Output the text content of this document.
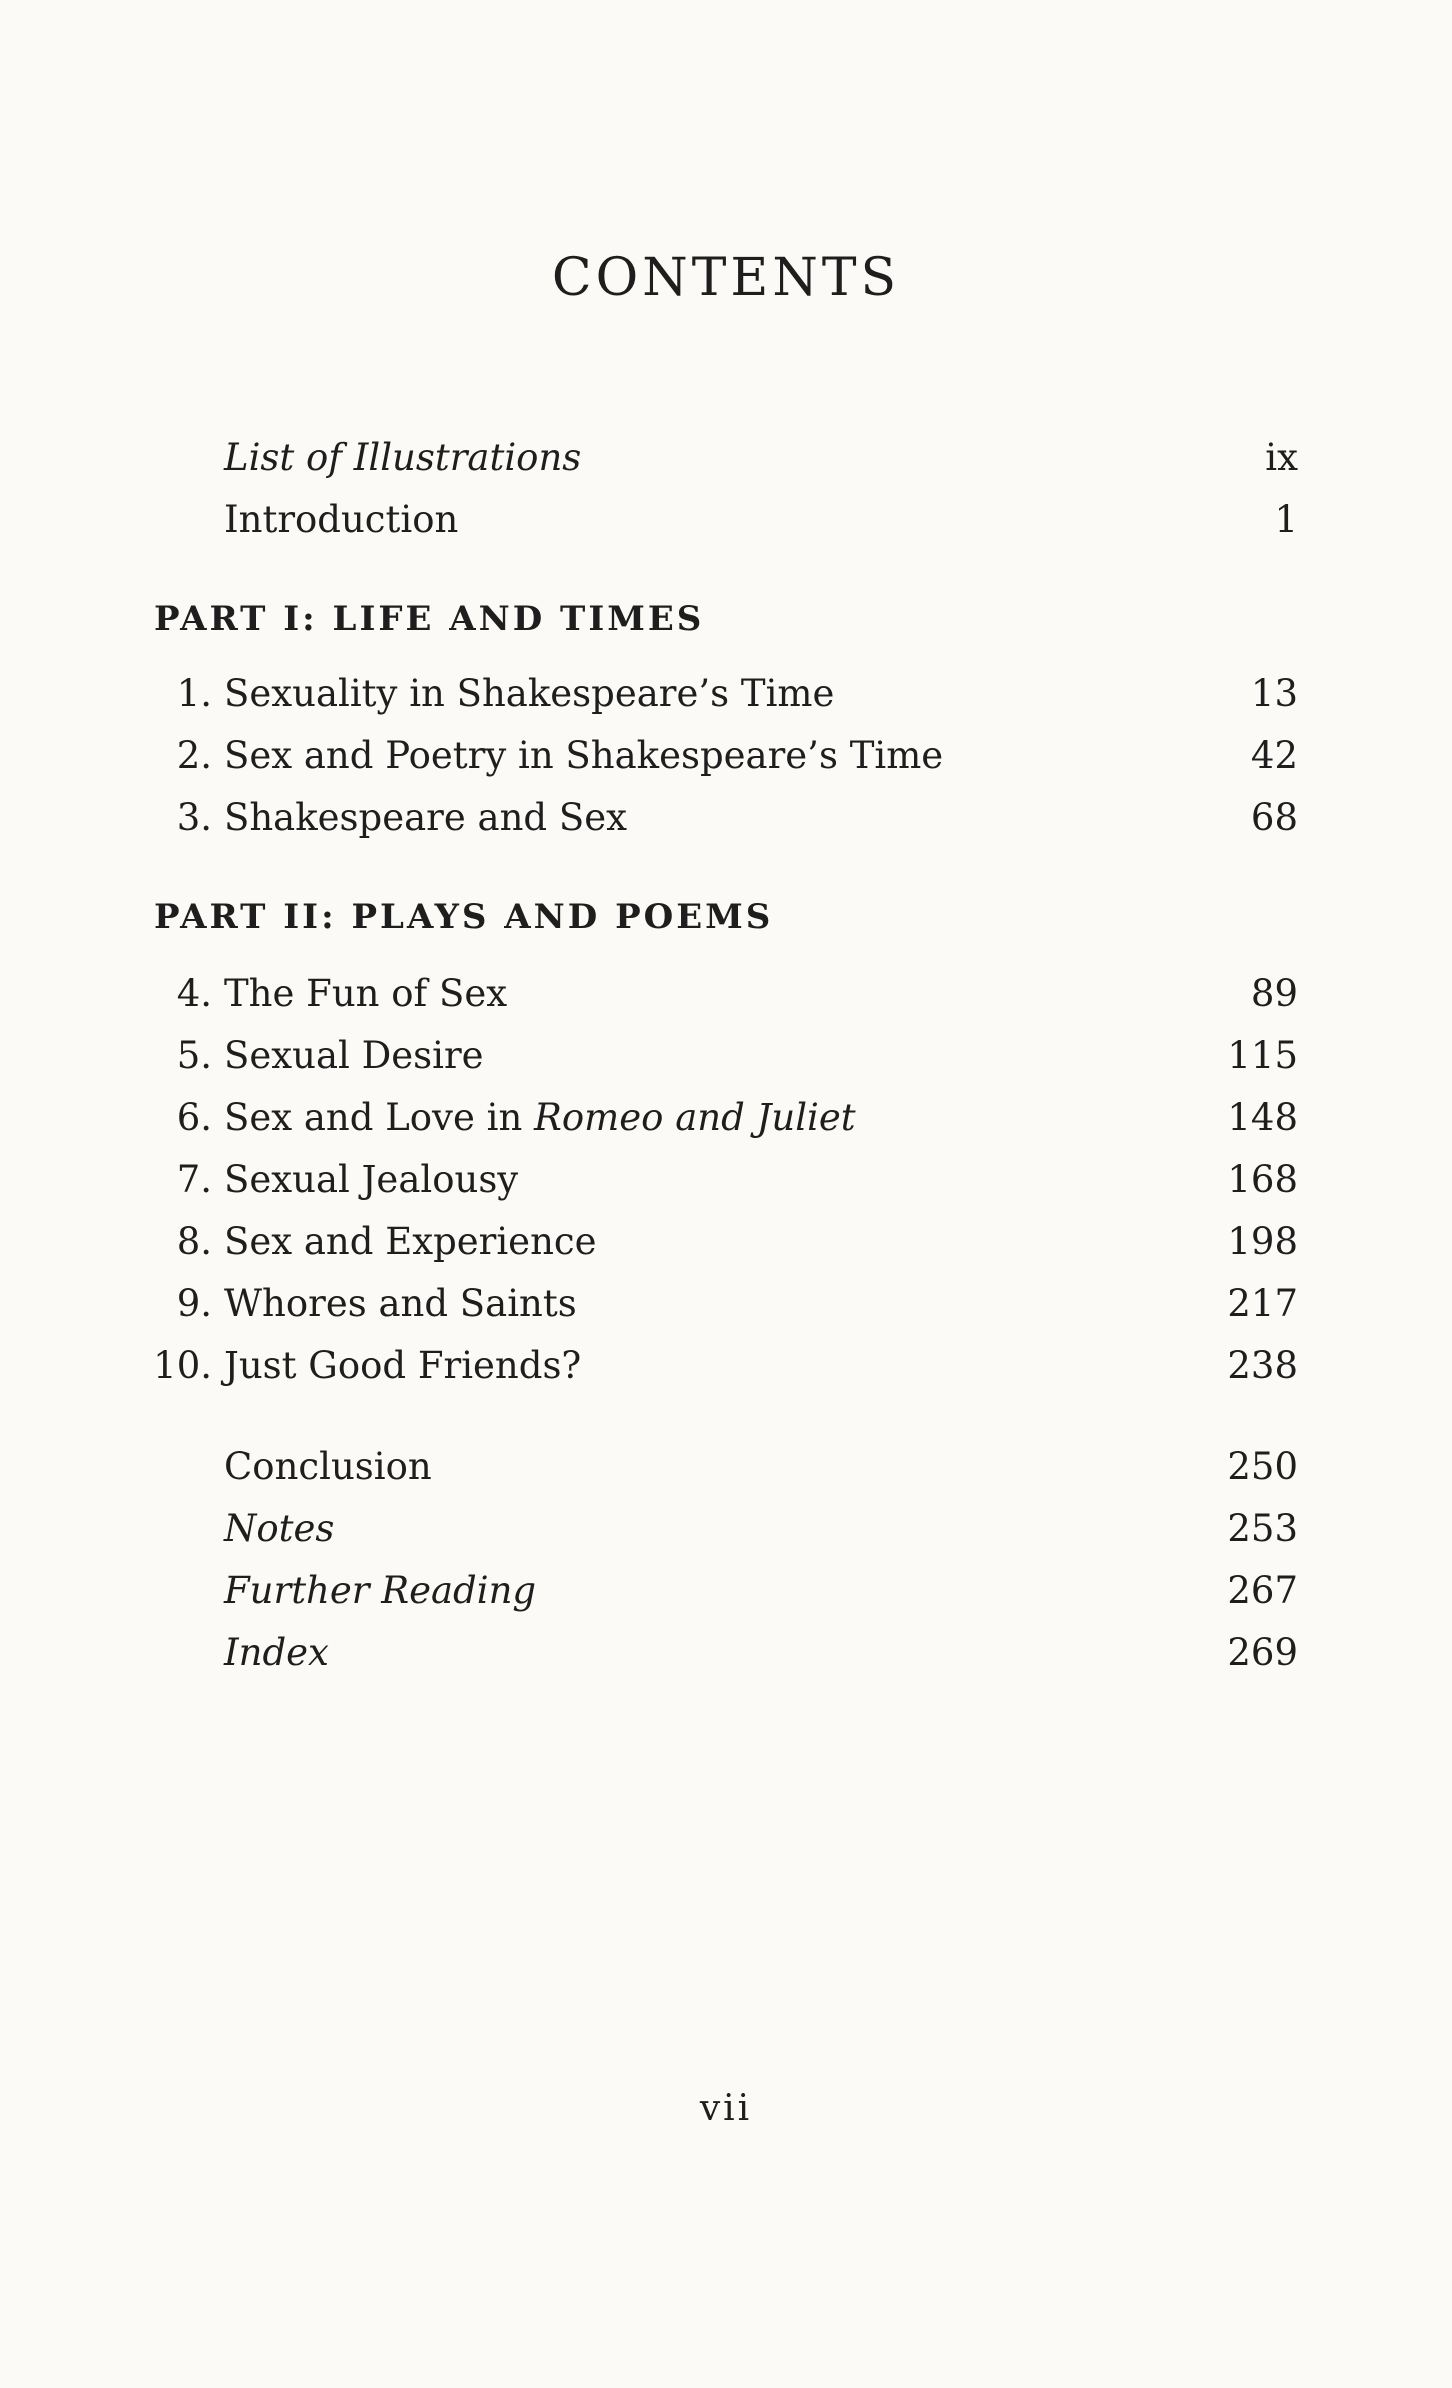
CONTENTS
List of Illustrations	ix
Introduction	1
PART I: LIFE AND TIMES
1. Sexuality in Shakespeare’s Time	13
2. Sex and Poetry in Shakespeare’s Time	42
3. Shakespeare and Sex	68
PART II: PLAYS AND POEMS
4. The Fun of Sex	89
5. Sexual Desire	115
6. Sex and Love in Romeo and Juliet	148
7. Sexual Jealousy	168
8. Sex and Experience	198
9. Whores and Saints	217
10. Just Good Friends?	238
Conclusion	250
Notes	253
Further Reading	267
Index	269
vii
